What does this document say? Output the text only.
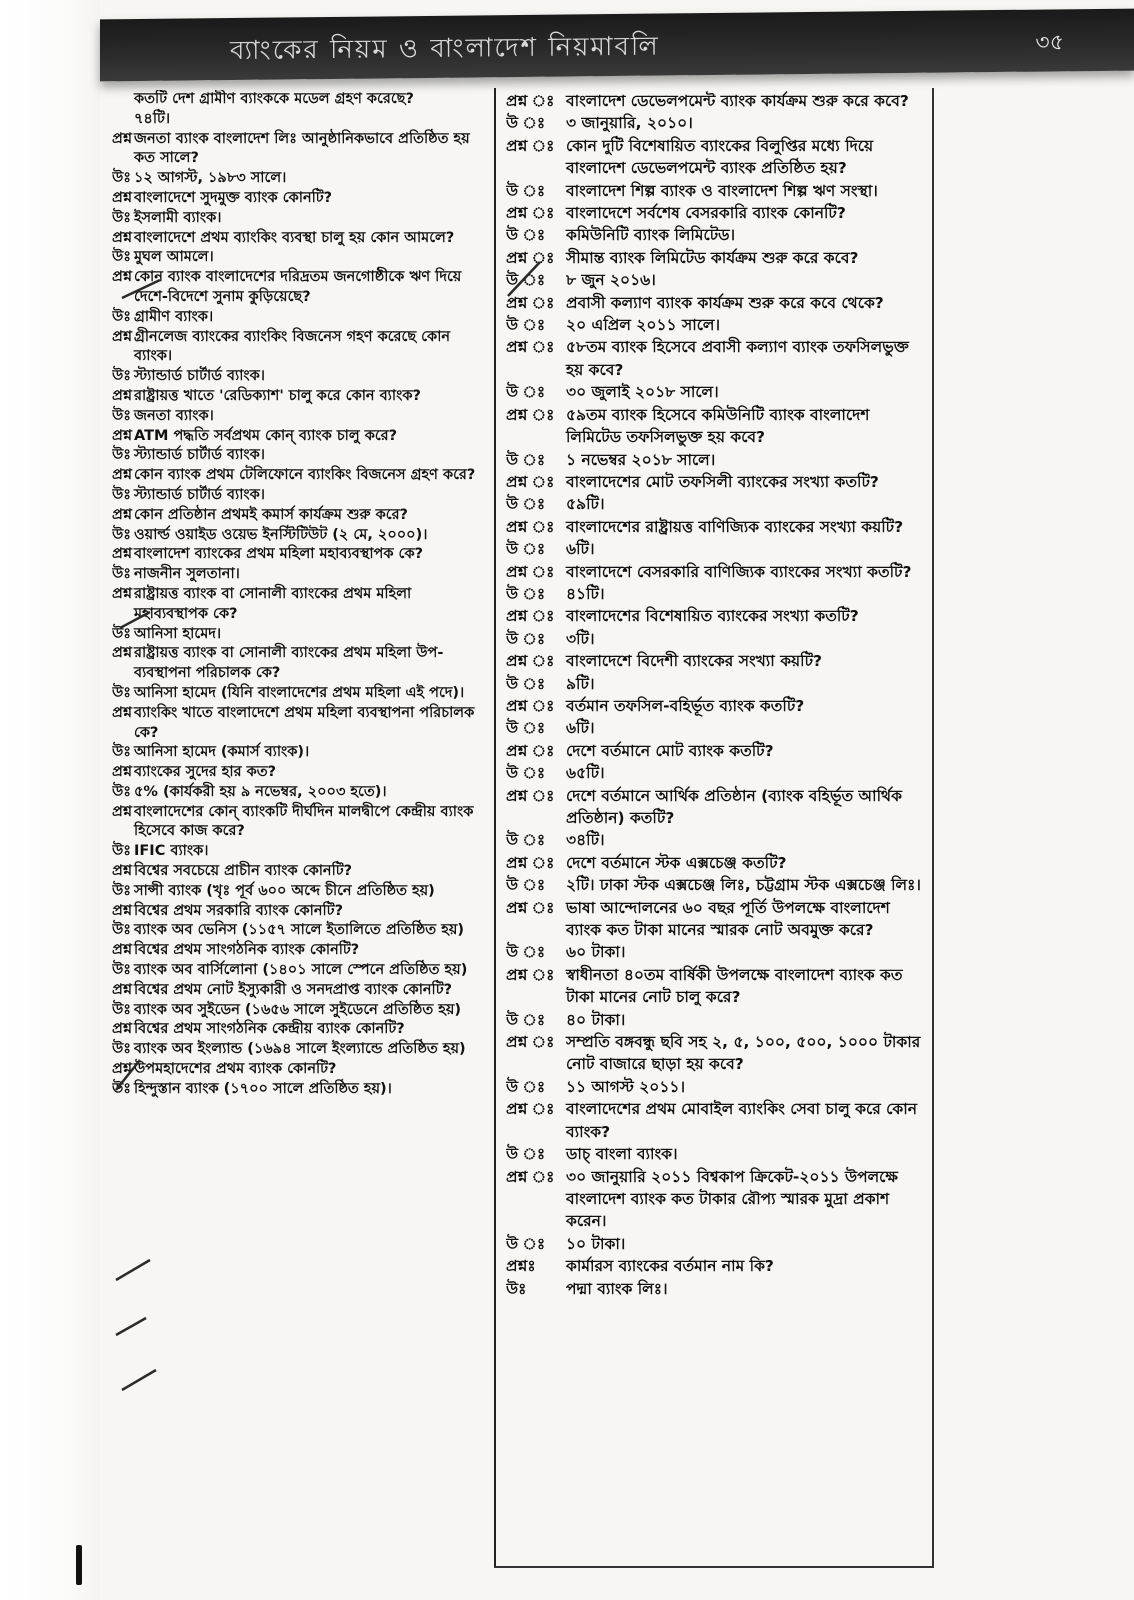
ব্যাংকের নিয়ম ও বাংলাদেশ নিয়মাবলি	৩৫
কতটি দেশ গ্রামীণ ব্যাংককে মডেল গ্রহণ করেছে?
৭৪টি।
প্রশ্ন জনতা ব্যাংক বাংলাদেশ লিঃ আনুষ্ঠানিকভাবে প্রতিষ্ঠিত হয় কত সালে?
উঃ ১২ আগস্ট, ১৯৮৩ সালে।
প্রশ্ন বাংলাদেশে সুদমুক্ত ব্যাংক কোনটি?
উঃ ইসলামী ব্যাংক।
প্রশ্ন বাংলাদেশে প্রথম ব্যাংকিং ব্যবস্থা চালু হয় কোন আমলে?
উঃ মুঘল আমলে।
প্রশ্ন কোন ব্যাংক বাংলাদেশের দরিদ্রতম জনগোষ্ঠীকে ঋণ দিয়ে দেশে-বিদেশে সুনাম কুড়িয়েছে?
উঃ গ্রামীণ ব্যাংক।
প্রশ্ন গ্রীনলেজ ব্যাংকের ব্যাংকিং বিজনেস গহণ করেছে কোন ব্যাংক।
উঃ স্ট্যান্ডার্ড চার্টার্ড ব্যাংক।
প্রশ্ন রাষ্ট্রায়ত্ত খাতে 'রেডিক্যাশ' চালু করে কোন ব্যাংক?
উঃ জনতা ব্যাংক।
প্রশ্ন ATM পদ্ধতি সর্বপ্রথম কোন্ ব্যাংক চালু করে?
উঃ স্ট্যান্ডার্ড চার্টার্ড ব্যাংক।
প্রশ্ন কোন ব্যাংক প্রথম টেলিফোনে ব্যাংকিং বিজনেস গ্রহণ করে?
উঃ স্ট্যান্ডার্ড চার্টার্ড ব্যাংক।
প্রশ্ন কোন প্রতিষ্ঠান প্রথমই কমার্স কার্যক্রম শুরু করে?
উঃ ওয়ার্ল্ড ওয়াইড ওয়েভ ইনস্টিটিউট (২ মে, ২০০০)।
প্রশ্ন বাংলাদেশ ব্যাংকের প্রথম মহিলা মহাব্যবস্থাপক কে?
উঃ নাজনীন সুলতানা।
প্রশ্ন রাষ্ট্রায়ত্ত ব্যাংক বা সোনালী ব্যাংকের প্রথম মহিলা মহাব্যবস্থাপক কে?
উঃ আনিসা হামেদ।
প্রশ্ন রাষ্ট্রায়ত্ত ব্যাংক বা সোনালী ব্যাংকের প্রথম মহিলা উপ-ব্যবস্থাপনা পরিচালক কে?
উঃ আনিসা হামেদ (যিনি বাংলাদেশের প্রথম মহিলা এই পদে)।
প্রশ্ন ব্যাংকিং খাতে বাংলাদেশে প্রথম মহিলা ব্যবস্থাপনা পরিচালক কে?
উঃ আনিসা হামেদ (কমার্স ব্যাংক)।
প্রশ্ন ব্যাংকের সুদের হার কত?
উঃ ৫% (কার্যকরী হয় ৯ নভেম্বর, ২০০৩ হতে)।
প্রশ্ন বাংলাদেশের কোন্ ব্যাংকটি দীর্ঘদিন মালদ্বীপে কেন্দ্রীয় ব্যাংক হিসেবে কাজ করে?
উঃ IFIC ব্যাংক।
প্রশ্ন বিশ্বের সবচেয়ে প্রাচীন ব্যাংক কোনটি?
উঃ সান্সী ব্যাংক (খৃঃ পূর্ব ৬০০ অব্দে চীনে প্রতিষ্ঠিত হয়)
প্রশ্ন বিশ্বের প্রথম সরকারি ব্যাংক কোনটি?
উঃ ব্যাংক অব ভেনিস (১১৫৭ সালে ইতালিতে প্রতিষ্ঠিত হয়)
প্রশ্ন বিশ্বের প্রথম সাংগঠনিক ব্যাংক কোনটি?
উঃ ব্যাংক অব বার্সিলোনা (১৪০১ সালে স্পেনে প্রতিষ্ঠিত হয়)
প্রশ্ন বিশ্বের প্রথম নোট ইস্যুকারী ও সনদপ্রাপ্ত ব্যাংক কোনটি?
উঃ ব্যাংক অব সুইডেন (১৬৫৬ সালে সুইডেনে প্রতিষ্ঠিত হয়)
প্রশ্ন বিশ্বের প্রথম সাংগঠনিক কেন্দ্রীয় ব্যাংক কোনটি?
উঃ ব্যাংক অব ইংল্যান্ড (১৬৯৪ সালে ইংল্যান্ডে প্রতিষ্ঠিত হয়)
প্রশ্ন উপমহাদেশের প্রথম ব্যাংক কোনটি?
উঃ হিন্দুস্তান ব্যাংক (১৭০০ সালে প্রতিষ্ঠিত হয়)।
প্রশ্ন ঃ বাংলাদেশ ডেভেলপমেন্ট ব্যাংক কার্যক্রম শুরু করে কবে?
উ ঃ	৩ জানুয়ারি, ২০১০।
প্রশ্ন ঃ কোন দুটি বিশেষায়িত ব্যাংকের বিলুপ্তির মধ্যে দিয়ে বাংলাদেশ ডেভেলপমেন্ট ব্যাংক প্রতিষ্ঠিত হয়?
উ ঃ	বাংলাদেশ শিল্প ব্যাংক ও বাংলাদেশ শিল্প ঋণ সংস্থা।
প্রশ্ন ঃ বাংলাদেশে সর্বশেষ বেসরকারি ব্যাংক কোনটি?
উ ঃ	কমিউনিটি ব্যাংক লিমিটেড।
প্রশ্ন ঃ সীমান্ত ব্যাংক লিমিটেড কার্যক্রম শুরু করে কবে?
উ ঃ	৮ জুন ২০১৬।
প্রশ্ন ঃ প্রবাসী কল্যাণ ব্যাংক কার্যক্রম শুরু করে কবে থেকে?
উ ঃ	২০ এপ্রিল ২০১১ সালে।
প্রশ্ন ঃ ৫৮তম ব্যাংক হিসেবে প্রবাসী কল্যাণ ব্যাংক তফসিলভুক্ত হয় কবে?
উ ঃ	৩০ জুলাই ২০১৮ সালে।
প্রশ্ন ঃ ৫৯তম ব্যাংক হিসেবে কমিউনিটি ব্যাংক বাংলাদেশ লিমিটেড তফসিলভুক্ত হয় কবে?
উ ঃ	১ নভেম্বর ২০১৮ সালে।
প্রশ্ন ঃ বাংলাদেশের মোট তফসিলী ব্যাংকের সংখ্যা কতটি?
উ ঃ	৫৯টি।
প্রশ্ন ঃ বাংলাদেশের রাষ্ট্রায়ত্ত বাণিজ্যিক ব্যাংকের সংখ্যা কয়টি?
উ ঃ	৬টি।
প্রশ্ন ঃ বাংলাদেশে বেসরকারি বাণিজ্যিক ব্যাংকের সংখ্যা কতটি?
উ ঃ	৪১টি।
প্রশ্ন ঃ বাংলাদেশের বিশেষায়িত ব্যাংকের সংখ্যা কতটি?
উ ঃ	৩টি।
প্রশ্ন ঃ বাংলাদেশে বিদেশী ব্যাংকের সংখ্যা কয়টি?
উ ঃ	৯টি।
প্রশ্ন ঃ বর্তমান তফসিল-বহির্ভূত ব্যাংক কতটি?
উ ঃ	৬টি।
প্রশ্ন ঃ দেশে বর্তমানে মোট ব্যাংক কতটি?
উ ঃ	৬৫টি।
প্রশ্ন ঃ দেশে বর্তমানে আর্থিক প্রতিষ্ঠান (ব্যাংক বহির্ভূত আর্থিক প্রতিষ্ঠান) কতটি?
উ ঃ	৩৪টি।
প্রশ্ন ঃ দেশে বর্তমানে স্টক এক্সচেঞ্জ কতটি?
উ ঃ	২টি। ঢাকা স্টক এক্সচেঞ্জ লিঃ, চট্টগ্রাম স্টক এক্সচেঞ্জ লিঃ।
প্রশ্ন ঃ ভাষা আন্দোলনের ৬০ বছর পূর্তি উপলক্ষে বাংলাদেশ ব্যাংক কত টাকা মানের স্মারক নোট অবমুক্ত করে?
উ ঃ	৬০ টাকা।
প্রশ্ন ঃ স্বাধীনতা ৪০তম বার্ষিকী উপলক্ষে বাংলাদেশ ব্যাংক কত টাকা মানের নোট চালু করে?
উ ঃ	৪০ টাকা।
প্রশ্ন ঃ সম্প্রতি বঙ্গবন্ধু ছবি সহ ২, ৫, ১০০, ৫০০, ১০০০ টাকার নোট বাজারে ছাড়া হয় কবে?
উ ঃ	১১ আগস্ট ২০১১।
প্রশ্ন ঃ বাংলাদেশের প্রথম মোবাইল ব্যাংকিং সেবা চালু করে কোন ব্যাংক?
উ ঃ	ডাচ্ বাংলা ব্যাংক।
প্রশ্ন ঃ ৩০ জানুয়ারি ২০১১ বিশ্বকাপ ক্রিকেট-২০১১ উপলক্ষে বাংলাদেশ ব্যাংক কত টাকার রৌপ্য স্মারক মুদ্রা প্রকাশ করেন।
উ ঃ	১০ টাকা।
প্রশ্নঃ	কার্মারস ব্যাংকের বর্তমান নাম কি?
উঃ	পদ্মা ব্যাংক লিঃ।
